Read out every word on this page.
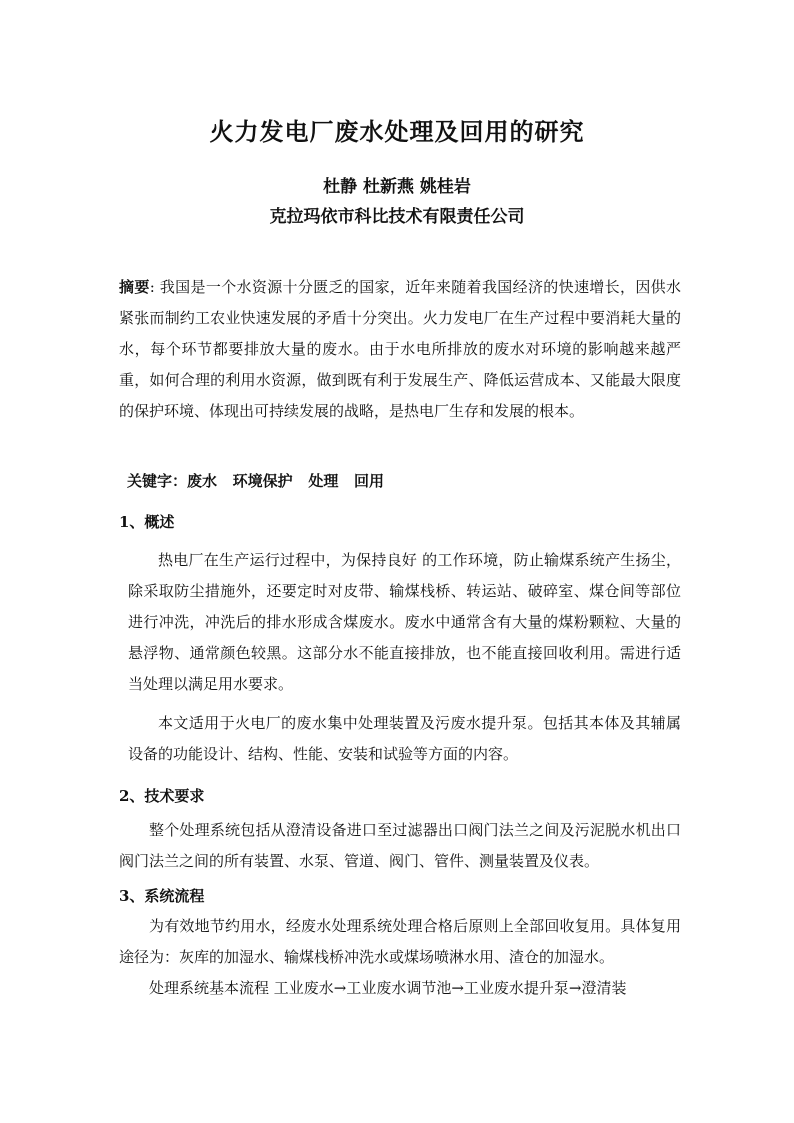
火力发电厂废水处理及回用的研究
杜静 杜新燕 姚桂岩
克拉玛依市科比技术有限责任公司
摘要: 我国是一个水资源十分匮乏的国家，近年来随着我国经济的快速增长，因供水紧张而制约工农业快速发展的矛盾十分突出。火力发电厂在生产过程中要消耗大量的水，每个环节都要排放大量的废水。由于水电所排放的废水对环境的影响越来越严重，如何合理的利用水资源，做到既有利于发展生产、降低运营成本、又能最大限度的保护环境、体现出可持续发展的战略，是热电厂生存和发展的根本。
关键字：废水   环境保护   处理   回用
1、概述
热电厂在生产运行过程中，为保持良好 的工作环境，防止输煤系统产生扬尘，除采取防尘措施外，还要定时对皮带、输煤栈桥、转运站、破碎室、煤仓间等部位进行冲洗，冲洗后的排水形成含煤废水。废水中通常含有大量的煤粉颗粒、大量的悬浮物、通常颜色较黑。这部分水不能直接排放，也不能直接回收利用。需进行适当处理以满足用水要求。
本文适用于火电厂的废水集中处理装置及污废水提升泵。包括其本体及其辅属设备的功能设计、结构、性能、安装和试验等方面的内容。
2、技术要求
整个处理系统包括从澄清设备进口至过滤器出口阀门法兰之间及污泥脱水机出口阀门法兰之间的所有装置、水泵、管道、阀门、管件、测量装置及仪表。
3、系统流程
为有效地节约用水，经废水处理系统处理合格后原则上全部回收复用。具体复用途径为：灰库的加湿水、输煤栈桥冲洗水或煤场喷淋水用、渣仓的加湿水。
处理系统基本流程 工业废水→工业废水调节池→工业废水提升泵→澄清装
